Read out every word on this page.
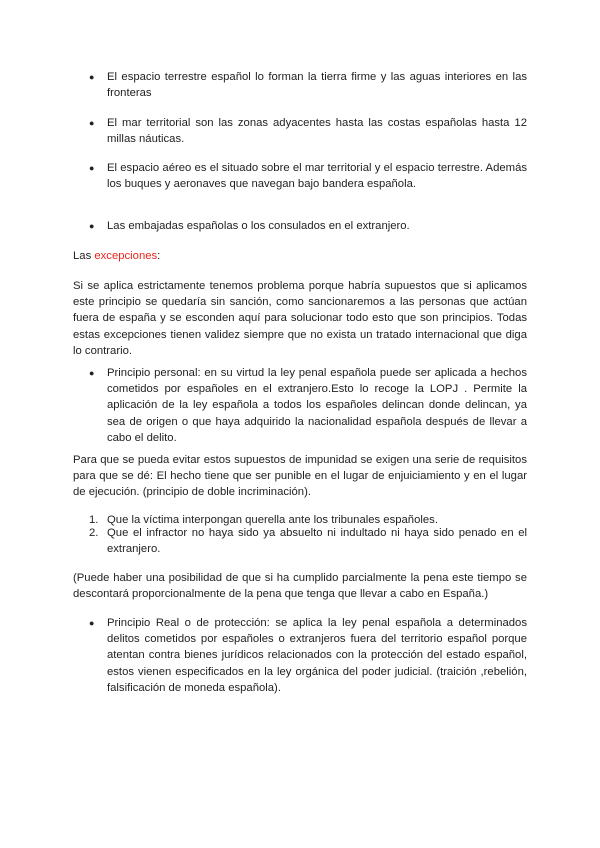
● El espacio terrestre español lo forman la tierra firme y las aguas interiores en las fronteras

● El mar territorial son las zonas adyacentes hasta las costas españolas hasta 12 millas náuticas.

● El espacio aéreo es el situado sobre el mar territorial y el espacio terrestre. Además los buques y aeronaves que navegan bajo bandera española.

● Las embajadas españolas o los consulados en el extranjero.

Las excepciones:

Si se aplica estrictamente tenemos problema porque habría supuestos que si aplicamos este principio se quedaría sin sanción, como sancionaremos a las personas que actúan fuera de españa y se esconden aquí para solucionar todo esto que son principios. Todas estas excepciones tienen validez siempre que no exista un tratado internacional que diga lo contrario.

● Principio personal: en su virtud la ley penal española puede ser aplicada a hechos cometidos por españoles en el extranjero.Esto lo recoge la LOPJ . Permite la aplicación de la ley española a todos los españoles delincan donde delincan, ya sea de origen o que haya adquirido la nacionalidad española después de llevar a cabo el delito.

Para que se pueda evitar estos supuestos de impunidad se exigen una serie de requisitos para que se dé: El hecho tiene que ser punible en el lugar de enjuiciamiento y en el lugar de ejecución. (principio de doble incriminación).

1. Que la víctima interpongan querella ante los tribunales españoles.

2. Que el infractor no haya sido ya absuelto ni indultado ni haya sido penado en el extranjero.

(Puede haber una posibilidad de que si ha cumplido parcialmente la pena este tiempo se descontará proporcionalmente de la pena que tenga que llevar a cabo en España.)

● Principio Real o de protección: se aplica la ley penal española a determinados delitos cometidos por españoles o extranjeros fuera del territorio español porque atentan contra bienes jurídicos relacionados con la protección del estado español, estos vienen especificados en la ley orgánica del poder judicial. (traición ,rebelión, falsificación de moneda española).
